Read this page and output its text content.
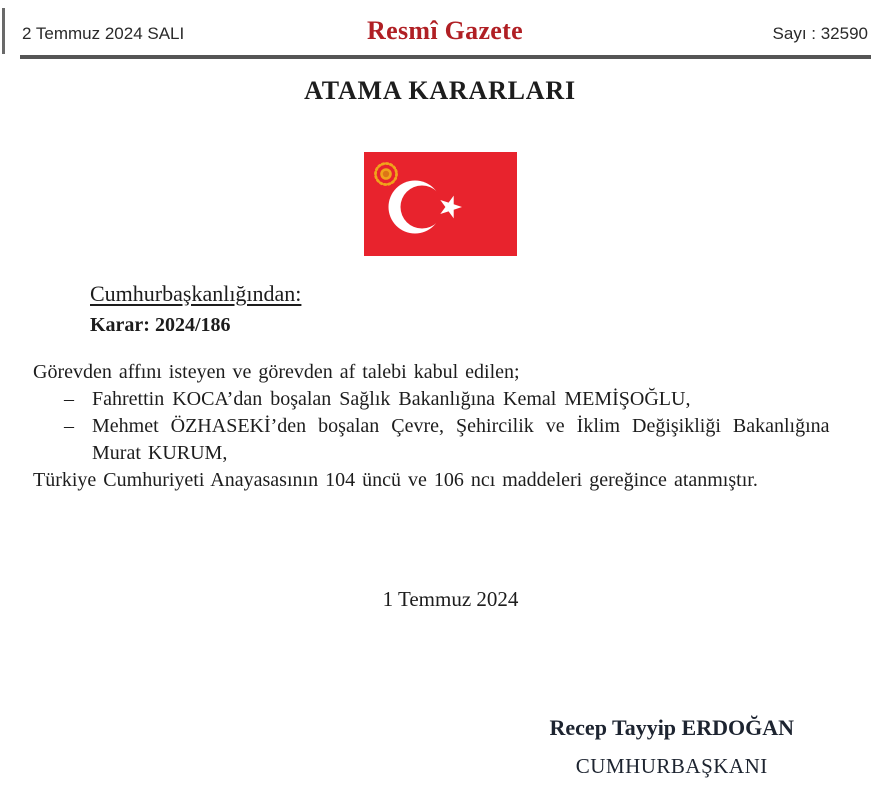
2 Temmuz 2024 SALI	Resmî Gazete	Sayı : 32590
ATAMA KARARLARI

Cumhurbaşkanlığından:

Karar: 2024/186

Görevden affını isteyen ve görevden af talebi kabul edilen;

– Fahrettin KOCA’dan boşalan Sağlık Bakanlığına Kemal MEMİŞOĞLU,
– Mehmet ÖZHASEKİ’den boşalan Çevre, Şehircilik ve İklim Değişikliği Bakanlığına
Murat KURUM,

Türkiye Cumhuriyeti Anayasasının 104 üncü ve 106 ncı maddeleri gereğince atanmıştır.

1 Temmuz 2024

Recep Tayyip ERDOĞAN

CUMHURBAŞKANI
